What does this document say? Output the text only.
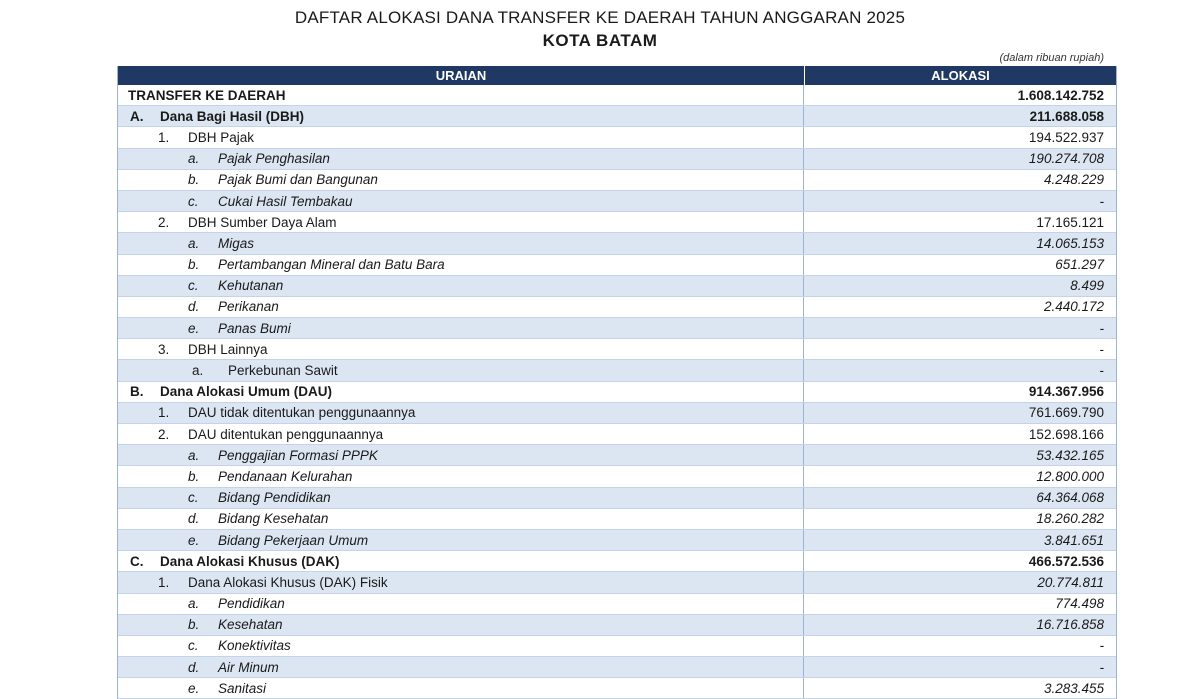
DAFTAR ALOKASI DANA TRANSFER KE DAERAH TAHUN ANGGARAN 2025
KOTA BATAM
(dalam ribuan rupiah)
URAIAN	ALOKASI
TRANSFER KE DAERAH	1.608.142.752
A.	Dana Bagi Hasil (DBH)	211.688.058
1.	DBH Pajak	194.522.937
a.	Pajak Penghasilan	190.274.708
b.	Pajak Bumi dan Bangunan	4.248.229
c.	Cukai Hasil Tembakau	-
2.	DBH Sumber Daya Alam	17.165.121
a.	Migas	14.065.153
b.	Pertambangan Mineral dan Batu Bara	651.297
c.	Kehutanan	8.499
d.	Perikanan	2.440.172
e.	Panas Bumi	-
3.	DBH Lainnya	-
a.	Perkebunan Sawit	-
B.	Dana Alokasi Umum (DAU)	914.367.956
1.	DAU tidak ditentukan penggunaannya	761.669.790
2.	DAU ditentukan penggunaannya	152.698.166
a.	Penggajian Formasi PPPK	53.432.165
b.	Pendanaan Kelurahan	12.800.000
c.	Bidang Pendidikan	64.364.068
d.	Bidang Kesehatan	18.260.282
e.	Bidang Pekerjaan Umum	3.841.651
C.	Dana Alokasi Khusus (DAK)	466.572.536
1.	Dana Alokasi Khusus (DAK) Fisik	20.774.811
a.	Pendidikan	774.498
b.	Kesehatan	16.716.858
c.	Konektivitas	-
d.	Air Minum	-
e.	Sanitasi	3.283.455
